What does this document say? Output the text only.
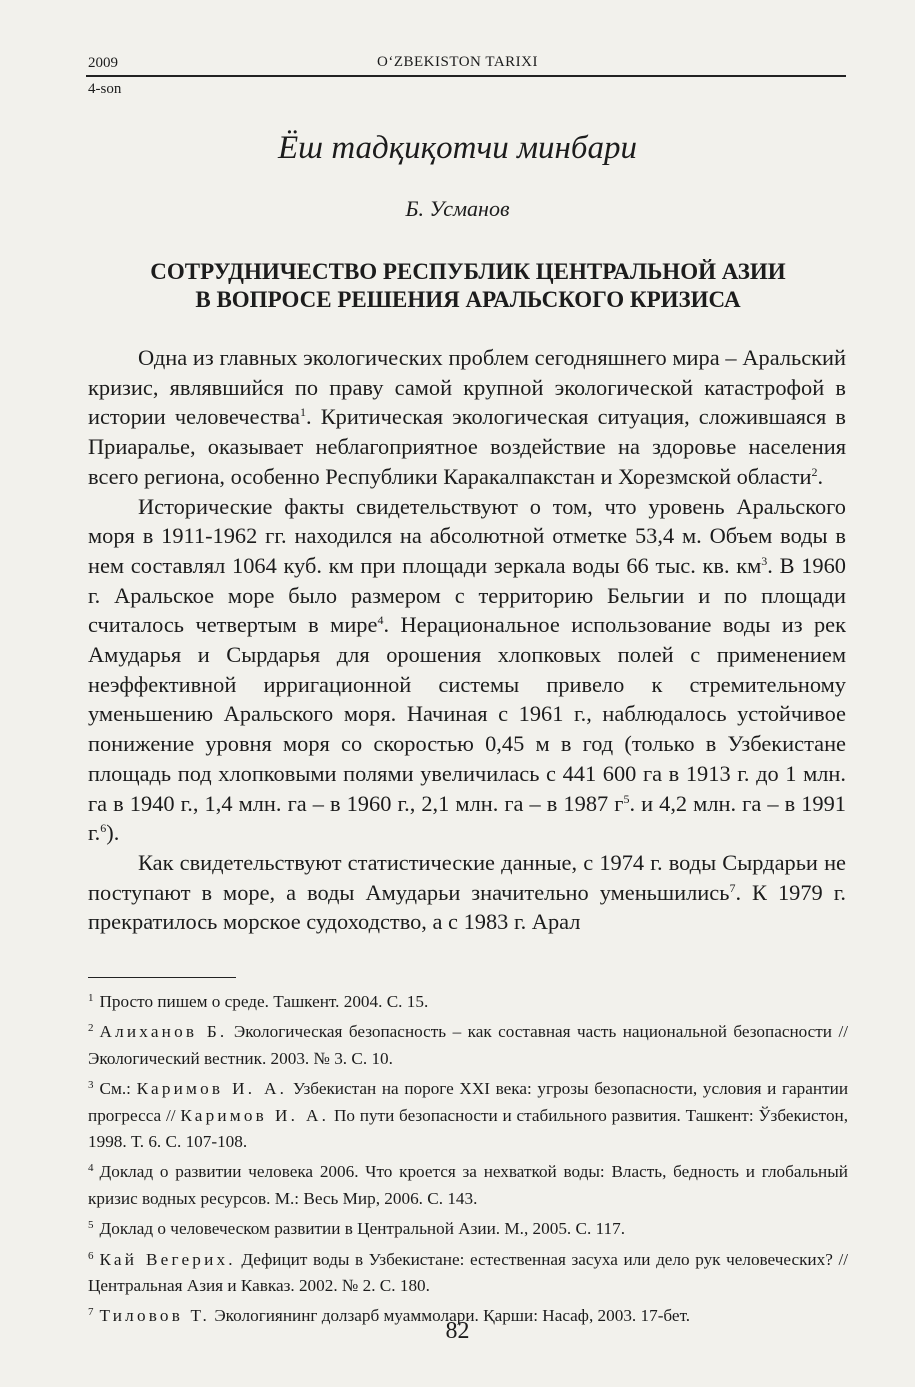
2009	O‘ZBEKISTON TARIXI
4-son
Ёш тадқиқотчи минбари
Б. Усманов
СОТРУДНИЧЕСТВО РЕСПУБЛИК ЦЕНТРАЛЬНОЙ АЗИИ
В ВОПРОСЕ РЕШЕНИЯ АРАЛЬСКОГО КРИЗИСА

Одна из главных экологических проблем сегодняшнего мира – Аральский кризис, являвшийся по праву самой крупной экологической катастрофой в истории человечества$^1$. Критическая экологическая ситуация, сложившаяся в Приаралье, оказывает неблагоприятное воздействие на здоровье населения всего региона, особенно Республики Каракалпакстан и Хорезмской области$^2$.

Исторические факты свидетельствуют о том, что уровень Аральского моря в 1911-1962 гг. находился на абсолютной отметке 53,4 м. Объем воды в нем составлял 1064 куб. км при площади зеркала воды 66 тыс. кв. км$^3$. В 1960 г. Аральское море было размером с территорию Бельгии и по площади считалось четвертым в мире$^4$. Нерациональное использование воды из рек Амударья и Сырдарья для орошения хлопковых полей с применением неэффективной ирригационной системы привело к стремительному уменьшению Аральского моря. Начиная с 1961 г., наблюдалось устойчивое понижение уровня моря со скоростью 0,45 м в год (только в Узбекистане площадь под хлопковыми полями увеличилась с 441 600 га в 1913 г. до 1 млн. га в 1940 г., 1,4 млн. га – в 1960 г., 2,1 млн. га – в 1987 г$^5$. и 4,2 млн. га – в 1991 г.$^6$).

Как свидетельствуют статистические данные, с 1974 г. воды Сырдарьи не поступают в море, а воды Амударьи значительно уменьшились$^7$. К 1979 г. прекратилось морское судоходство, а с 1983 г. Арал

$^1$ Просто пишем о среде. Ташкент. 2004. С. 15.

$^2$ Алиханов Б. Экологическая безопасность – как составная часть национальной безопасности // Экологический вестник. 2003. № 3. С. 10.

$^3$ См.: Каримов И. А. Узбекистан на пороге XXI века: угрозы безопасности, условия и гарантии прогресса // Каримов И. А. По пути безопасности и стабильного развития. Ташкент: Ўзбекистон, 1998. Т. 6. С. 107-108.

$^4$ Доклад о развитии человека 2006. Что кроется за нехваткой воды: Власть, бедность и глобальный кризис водных ресурсов. М.: Весь Мир, 2006. С. 143.

$^5$ Доклад о человеческом развитии в Центральной Азии. М., 2005. С. 117.

$^6$ Кай Вегерих. Дефицит воды в Узбекистане: естественная засуха или дело рук человеческих? // Центральная Азия и Кавказ. 2002. № 2. С. 180.

$^7$ Тиловов Т. Экологиянинг долзарб муаммолари. Қарши: Насаф, 2003. 17-бет.

82
